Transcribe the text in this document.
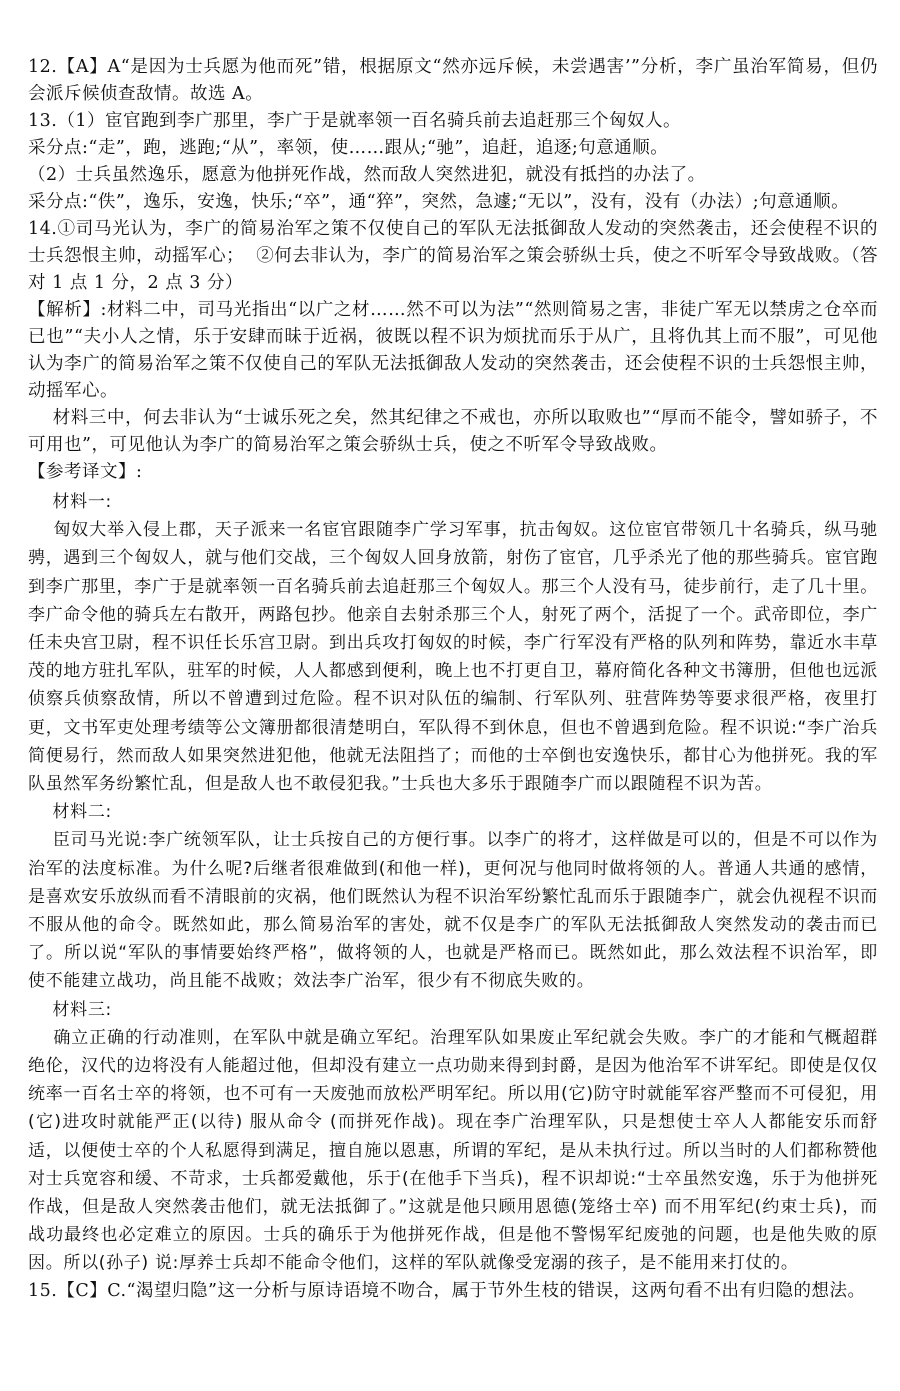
12.【A】A“是因为士兵愿为他而死”错，根据原文“然亦远斥候，未尝遇害’”分析，李广虽治军简易，但仍会派斥候侦查敌情。故选 A。
13.（1）宦官跑到李广那里，李广于是就率领一百名骑兵前去追赶那三个匈奴人。
采分点:“走”，跑，逃跑;“从”，率领，使……跟从;“驰”，追赶，追逐;句意通顺。
（2）士兵虽然逸乐，愿意为他拼死作战，然而敌人突然进犯，就没有抵挡的办法了。
采分点:“佚”，逸乐，安逸，快乐;“卒”，通“猝”，突然，急遽;“无以”，没有，没有（办法）;句意通顺。
14.①司马光认为，李广的简易治军之策不仅使自己的军队无法抵御敌人发动的突然袭击，还会使程不识的士兵怨恨主帅，动摇军心；  ②何去非认为，李广的简易治军之策会骄纵士兵，使之不听军令导致战败。（答对 1 点 1 分，2 点 3 分）
【解析】:材料二中，司马光指出“以广之材……然不可以为法”“然则简易之害，非徒广军无以禁虏之仓卒而已也”“夫小人之情，乐于安肆而昧于近祸，彼既以程不识为烦扰而乐于从广，且将仇其上而不服”，可见他认为李广的简易治军之策不仅使自己的军队无法抵御敌人发动的突然袭击，还会使程不识的士兵怨恨主帅，动摇军心。
材料三中，何去非认为“士诚乐死之矣，然其纪律之不戒也，亦所以取败也”“厚而不能令，譬如骄子，不可用也”，可见他认为李广的简易治军之策会骄纵士兵，使之不听军令导致战败。
【参考译文】:
材料一:
匈奴大举入侵上郡，天子派来一名宦官跟随李广学习军事，抗击匈奴。这位宦官带领几十名骑兵，纵马驰骋，遇到三个匈奴人，就与他们交战，三个匈奴人回身放箭，射伤了宦官，几乎杀光了他的那些骑兵。宦官跑到李广那里，李广于是就率领一百名骑兵前去追赶那三个匈奴人。那三个人没有马，徒步前行，走了几十里。李广命令他的骑兵左右散开，两路包抄。他亲自去射杀那三个人，射死了两个，活捉了一个。武帝即位，李广任未央宫卫尉，程不识任长乐宫卫尉。到出兵攻打匈奴的时候，李广行军没有严格的队列和阵势，靠近水丰草茂的地方驻扎军队，驻军的时候，人人都感到便利，晚上也不打更自卫，幕府简化各种文书簿册，但他也远派侦察兵侦察敌情，所以不曾遭到过危险。程不识对队伍的编制、行军队列、驻营阵势等要求很严格，夜里打更，文书军吏处理考绩等公文簿册都很清楚明白，军队得不到休息，但也不曾遇到危险。程不识说:“李广治兵简便易行，然而敌人如果突然进犯他，他就无法阻挡了；而他的士卒倒也安逸快乐，都甘心为他拼死。我的军队虽然军务纷繁忙乱，但是敌人也不敢侵犯我。”士兵也大多乐于跟随李广而以跟随程不识为苦。
材料二:
臣司马光说:李广统领军队，让士兵按自己的方便行事。以李广的将才，这样做是可以的，但是不可以作为治军的法度标准。为什么呢?后继者很难做到(和他一样)，更何况与他同时做将领的人。普通人共通的感情，是喜欢安乐放纵而看不清眼前的灾祸，他们既然认为程不识治军纷繁忙乱而乐于跟随李广，就会仇视程不识而不服从他的命令。既然如此，那么简易治军的害处，就不仅是李广的军队无法抵御敌人突然发动的袭击而已了。所以说“军队的事情要始终严格”，做将领的人，也就是严格而已。既然如此，那么效法程不识治军，即使不能建立战功，尚且能不战败；效法李广治军，很少有不彻底失败的。
材料三:
确立正确的行动准则，在军队中就是确立军纪。治理军队如果废止军纪就会失败。李广的才能和气概超群绝伦，汉代的边将没有人能超过他，但却没有建立一点功勋来得到封爵，是因为他治军不讲军纪。即使是仅仅统率一百名士卒的将领，也不可有一天废弛而放松严明军纪。所以用(它)防守时就能军容严整而不可侵犯，用(它)进攻时就能严正(以待) 服从命令 (而拼死作战)。现在李广治理军队，只是想使士卒人人都能安乐而舒适，以便使士卒的个人私愿得到满足，擅自施以恩惠，所谓的军纪，是从未执行过。所以当时的人们都称赞他对士兵宽容和缓、不苛求，士兵都爱戴他，乐于(在他手下当兵)，程不识却说:“士卒虽然安逸，乐于为他拼死作战，但是敌人突然袭击他们，就无法抵御了。”这就是他只顾用恩德(笼络士卒) 而不用军纪(约束士兵)，而战功最终也必定难立的原因。士兵的确乐于为他拼死作战，但是他不警惕军纪废弛的问题，也是他失败的原因。所以(孙子) 说:厚养士兵却不能命令他们，这样的军队就像受宠溺的孩子，是不能用来打仗的。
15.【C】C.“渴望归隐”这一分析与原诗语境不吻合，属于节外生枝的错误，这两句看不出有归隐的想法。
